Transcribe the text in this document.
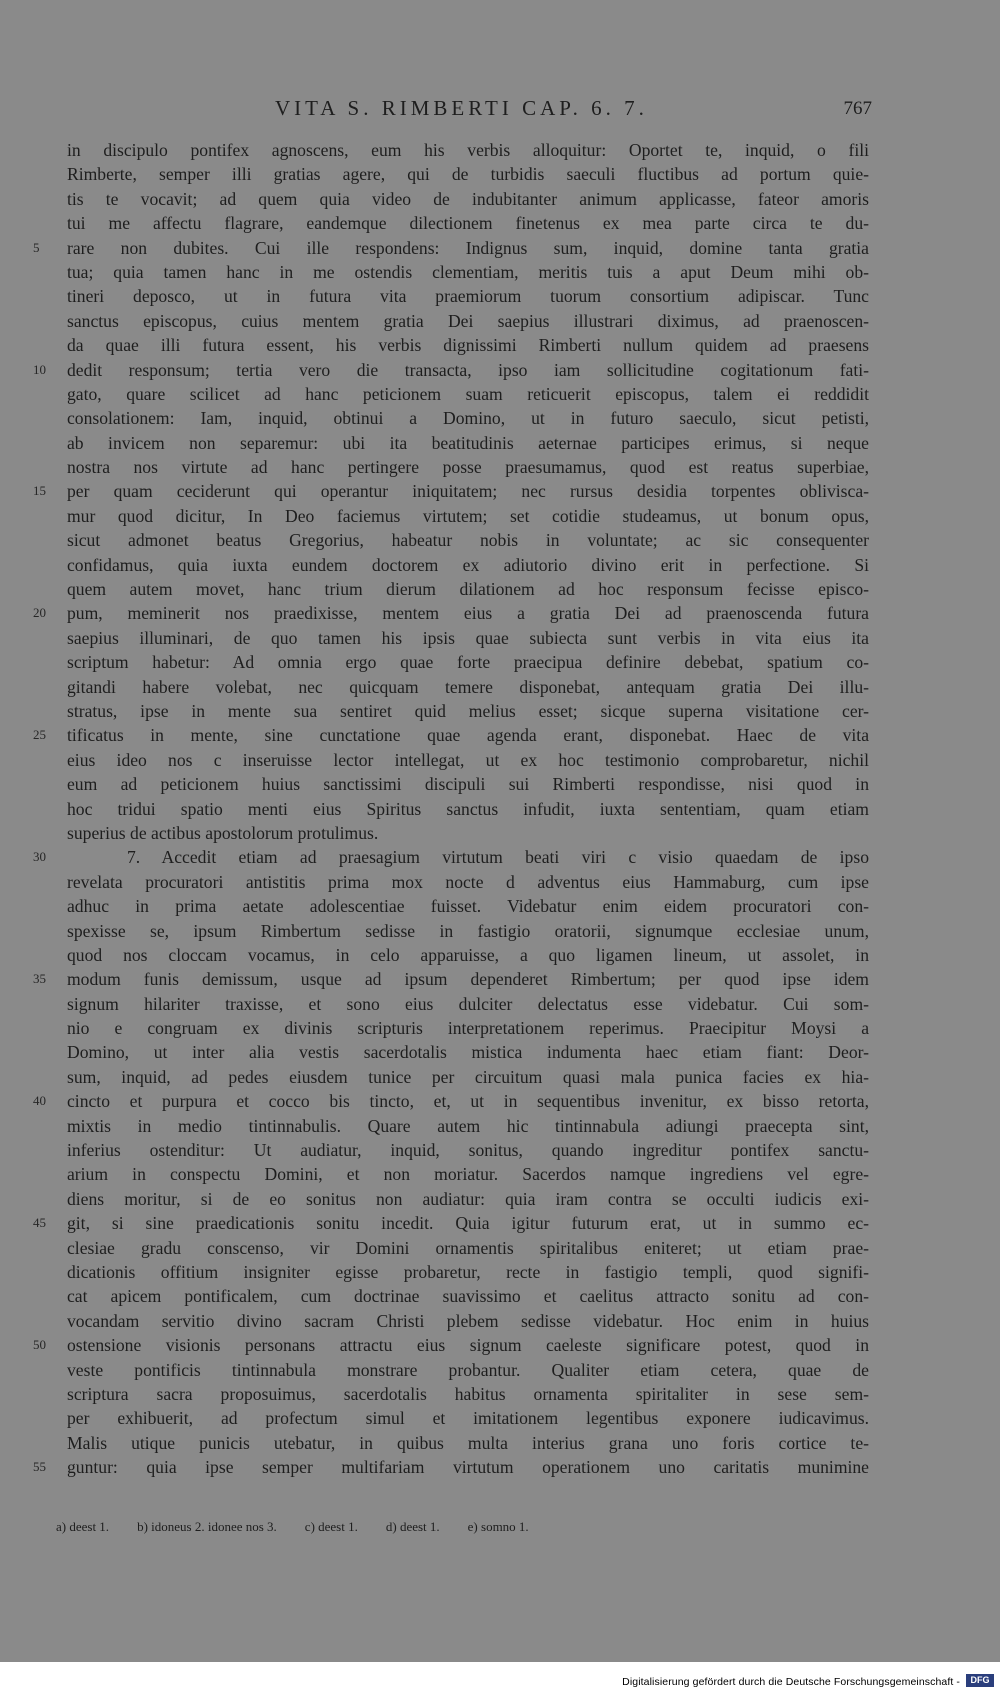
VITA S. RIMBERTI CAP. 6. 7.	767
in discipulo pontifex agnoscens, eum his verbis alloquitur: Oportet te, inquid, o fili
Rimberte, semper illi gratias agere, qui de turbidis saeculi fluctibus ad portum quie-
tis te vocavit; ad quem quia video de indubitanter animum applicasse, fateor amoris
tui me affectu flagrare, eandemque dilectionem finetenus ex mea parte circa te du-
5 rare non dubites. Cui ille respondens: Indignus sum, inquid, domine tanta gratia
tua; quia tamen hanc in me ostendis clementiam, meritis tuis a aput Deum mihi ob-
tineri deposco, ut in futura vita praemiorum tuorum consortium adipiscar. Tunc
sanctus episcopus, cuius mentem gratia Dei saepius illustrari diximus, ad praenoscen-
da quae illi futura essent, his verbis dignissimi Rimberti nullum quidem ad praesens
10 dedit responsum; tertia vero die transacta, ipso iam sollicitudine cogitationum fati-
gato, quare scilicet ad hanc peticionem suam reticuerit episcopus, talem ei reddidit
consolationem: Iam, inquid, obtinui a Domino, ut in futuro saeculo, sicut petisti,
ab invicem non separemur: ubi ita beatitudinis aeternae participes erimus, si neque
nostra nos virtute ad hanc pertingere posse praesumamus, quod est reatus superbiae,
15 per quam ceciderunt qui operantur iniquitatem; nec rursus desidia torpentes oblivisca-
mur quod dicitur, In Deo faciemus virtutem; set cotidie studeamus, ut bonum opus,
sicut admonet beatus Gregorius, habeatur nobis in voluntate; ac sic consequenter
confidamus, quia iuxta eundem doctorem ex adiutorio divino erit in perfectione. Si
quem autem movet, hanc trium dierum dilationem ad hoc responsum fecisse episco-
20 pum, meminerit nos praedixisse, mentem eius a gratia Dei ad praenoscenda futura
saepius illuminari, de quo tamen his ipsis quae subiecta sunt verbis in vita eius ita
scriptum habetur: Ad omnia ergo quae forte praecipua definire debebat, spatium co-
gitandi habere volebat, nec quicquam temere disponebat, antequam gratia Dei illu-
stratus, ipse in mente sua sentiret quid melius esset; sicque superna visitatione cer-
25 tificatus in mente, sine cunctatione quae agenda erant, disponebat. Haec de vita
eius ideo nos c inseruisse lector intellegat, ut ex hoc testimonio comprobaretur, nichil
eum ad peticionem huius sanctissimi discipuli sui Rimberti respondisse, nisi quod in
hoc tridui spatio menti eius Spiritus sanctus infudit, iuxta sententiam, quam etiam
superius de actibus apostolorum protulimus.
30	7. Accedit etiam ad praesagium virtutum beati viri c visio quaedam de ipso
revelata procuratori antistitis prima mox nocte d adventus eius Hammaburg, cum ipse
adhuc in prima aetate adolescentiae fuisset. Videbatur enim eidem procuratori con-
spexisse se, ipsum Rimbertum sedisse in fastigio oratorii, signumque ecclesiae unum,
quod nos cloccam vocamus, in celo apparuisse, a quo ligamen lineum, ut assolet, in
35 modum funis demissum, usque ad ipsum dependeret Rimbertum; per quod ipse idem
signum hilariter traxisse, et sono eius dulciter delectatus esse videbatur. Cui som-
nio e congruam ex divinis scripturis interpretationem reperimus. Praecipitur Moysi a
Domino, ut inter alia vestis sacerdotalis mistica indumenta haec etiam fiant: Deor-
sum, inquid, ad pedes eiusdem tunice per circuitum quasi mala punica facies ex hia-
40 cincto et purpura et cocco bis tincto, et, ut in sequentibus invenitur, ex bisso retorta,
mixtis in medio tintinnabulis. Quare autem hic tintinnabula adiungi praecepta sint,
inferius ostenditur: Ut audiatur, inquid, sonitus, quando ingreditur pontifex sanctu-
arium in conspectu Domini, et non moriatur. Sacerdos namque ingrediens vel egre-
diens moritur, si de eo sonitus non audiatur: quia iram contra se occulti iudicis exi-
45 git, si sine praedicationis sonitu incedit. Quia igitur futurum erat, ut in summo ec-
clesiae gradu conscenso, vir Domini ornamentis spiritalibus eniteret; ut etiam prae-
dicationis offitium insigniter egisse probaretur, recte in fastigio templi, quod signifi-
cat apicem pontificalem, cum doctrinae suavissimo et caelitus attracto sonitu ad con-
vocandam servitio divino sacram Christi plebem sedisse videbatur. Hoc enim in huius
50 ostensione visionis personans attractu eius signum caeleste significare potest, quod in
veste pontificis tintinnabula monstrare probantur. Qualiter etiam cetera, quae de
scriptura sacra proposuimus, sacerdotalis habitus ornamenta spiritaliter in sese sem-
per exhibuerit, ad profectum simul et imitationem legentibus exponere iudicavimus.
Malis utique punicis utebatur, in quibus multa interius grana uno foris cortice te-
55 guntur: quia ipse semper multifariam virtutum operationem uno caritatis munimine
a) deest 1. b) idoneus 2. idonee nos 3. c) deest 1. d) deest 1. e) somno 1.
Digitalisierung gefördert durch die Deutsche Forschungsgemeinschaft -	DFG
